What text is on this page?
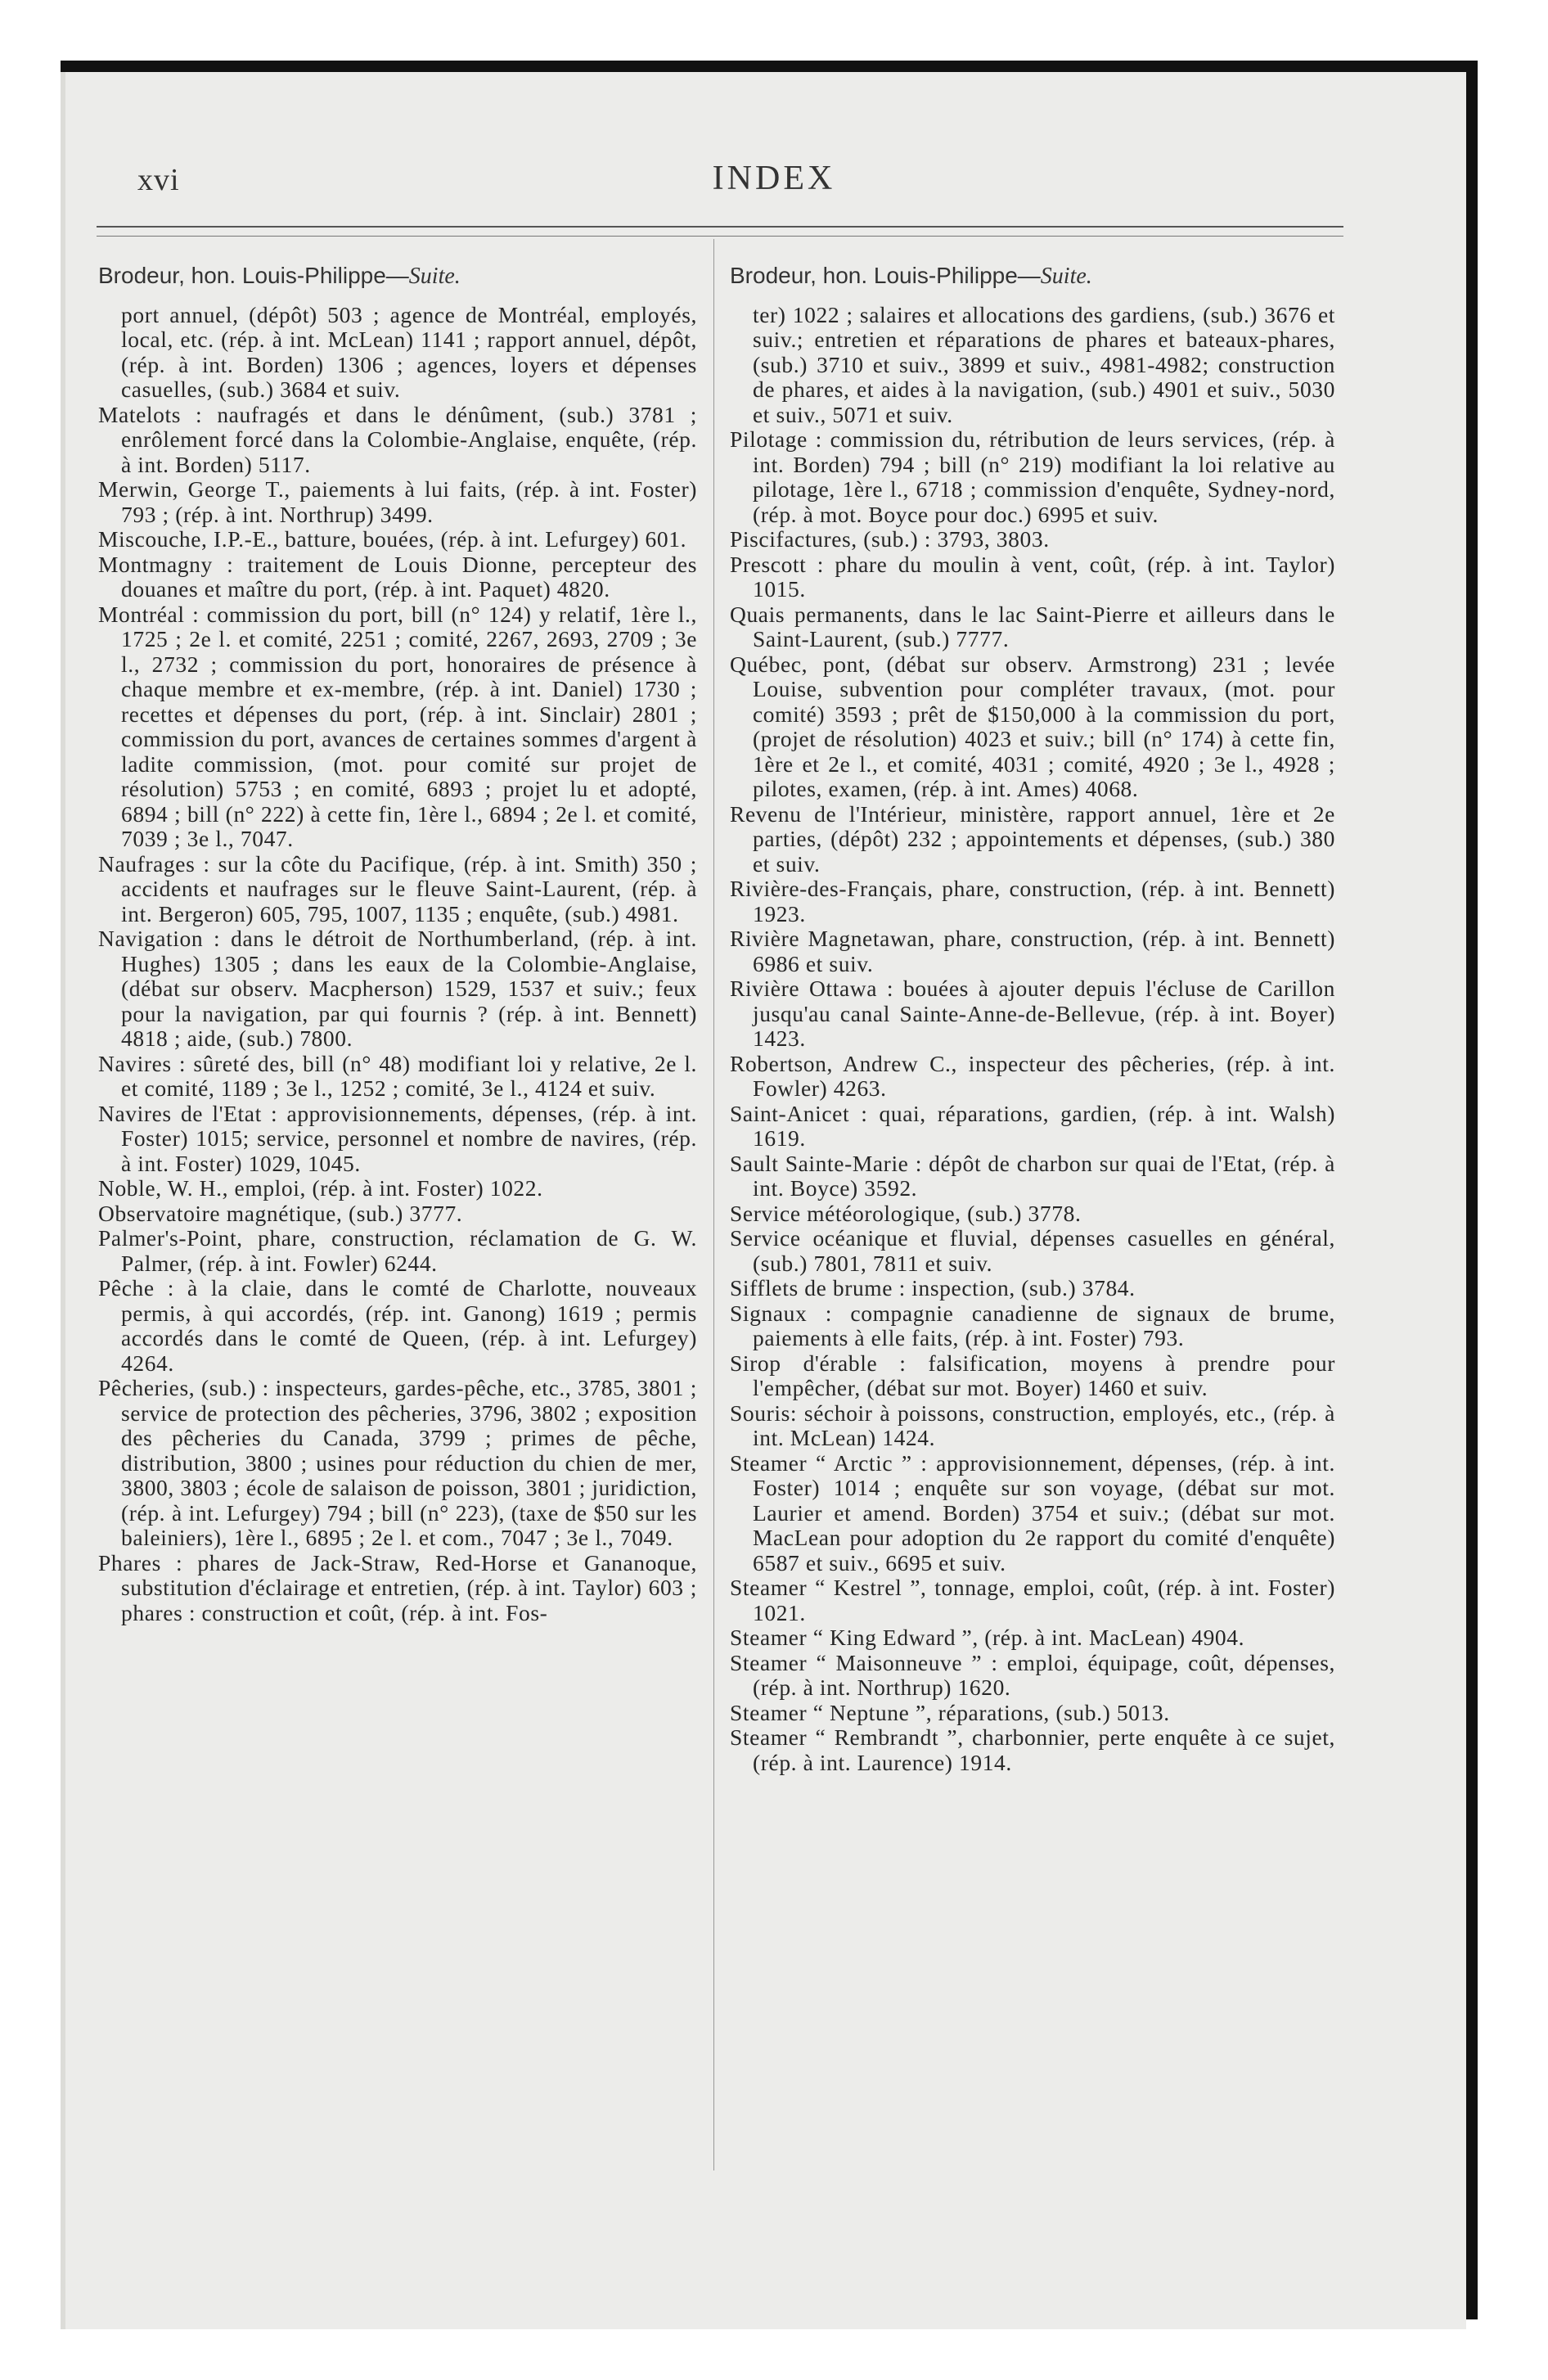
xvi	INDEX
Brodeur, hon. Louis-Philippe—Suite.

port annuel, (dépôt) 503 ; agence de Montréal, employés, local, etc. (rép. à int. McLean) 1141 ; rapport annuel, dépôt, (rép. à int. Borden) 1306 ; agences, loyers et dépenses casuelles, (sub.) 3684 et suiv.

Matelots : naufragés et dans le dénûment, (sub.) 3781 ; enrôlement forcé dans la Colombie-Anglaise, enquête, (rép. à int. Borden) 5117.

Merwin, George T., paiements à lui faits, (rép. à int. Foster) 793 ; (rép. à int. Northrup) 3499.

Miscouche, I.P.-E., batture, bouées, (rép. à int. Lefurgey) 601.

Montmagny : traitement de Louis Dionne, percepteur des douanes et maître du port, (rép. à int. Paquet) 4820.

Montréal : commission du port, bill (n° 124) y relatif, 1ère l., 1725 ; 2e l. et comité, 2251 ; comité, 2267, 2693, 2709 ; 3e l., 2732 ; commission du port, honoraires de présence à chaque membre et ex-membre, (rép. à int. Daniel) 1730 ; recettes et dépenses du port, (rép. à int. Sinclair) 2801 ; commission du port, avances de certaines sommes d'argent à ladite commission, (mot. pour comité sur projet de résolution) 5753 ; en comité, 6893 ; projet lu et adopté, 6894 ; bill (n° 222) à cette fin, 1ère l., 6894 ; 2e l. et comité, 7039 ; 3e l., 7047.

Naufrages : sur la côte du Pacifique, (rép. à int. Smith) 350 ; accidents et naufrages sur le fleuve Saint-Laurent, (rép. à int. Bergeron) 605, 795, 1007, 1135 ; enquête, (sub.) 4981.

Navigation : dans le détroit de Northumberland, (rép. à int. Hughes) 1305 ; dans les eaux de la Colombie-Anglaise, (débat sur observ. Macpherson) 1529, 1537 et suiv.; feux pour la navigation, par qui fournis ? (rép. à int. Bennett) 4818 ; aide, (sub.) 7800.

Navires : sûreté des, bill (n° 48) modifiant loi y relative, 2e l. et comité, 1189 ; 3e l., 1252 ; comité, 3e l., 4124 et suiv.

Navires de l'Etat : approvisionnements, dépenses, (rép. à int. Foster) 1015; service, personnel et nombre de navires, (rép. à int. Foster) 1029, 1045.

Noble, W. H., emploi, (rép. à int. Foster) 1022.

Observatoire magnétique, (sub.) 3777.

Palmer's-Point, phare, construction, réclamation de G. W. Palmer, (rép. à int. Fowler) 6244.

Pêche : à la claie, dans le comté de Charlotte, nouveaux permis, à qui accordés, (rép. int. Ganong) 1619 ; permis accordés dans le comté de Queen, (rép. à int. Lefurgey) 4264.

Pêcheries, (sub.) : inspecteurs, gardes-pêche, etc., 3785, 3801 ; service de protection des pêcheries, 3796, 3802 ; exposition des pêcheries du Canada, 3799 ; primes de pêche, distribution, 3800 ; usines pour réduction du chien de mer, 3800, 3803 ; école de salaison de poisson, 3801 ; juridiction, (rép. à int. Lefurgey) 794 ; bill (n° 223), (taxe de $50 sur les baleiniers), 1ère l., 6895 ; 2e l. et com., 7047 ; 3e l., 7049.

Phares : phares de Jack-Straw, Red-Horse et Gananoque, substitution d'éclairage et entretien, (rép. à int. Taylor) 603 ; phares : construction et coût, (rép. à int. Fos-

Brodeur, hon. Louis-Philippe—Suite.

ter) 1022 ; salaires et allocations des gardiens, (sub.) 3676 et suiv.; entretien et réparations de phares et bateaux-phares, (sub.) 3710 et suiv., 3899 et suiv., 4981-4982; construction de phares, et aides à la navigation, (sub.) 4901 et suiv., 5030 et suiv., 5071 et suiv.

Pilotage : commission du, rétribution de leurs services, (rép. à int. Borden) 794 ; bill (n° 219) modifiant la loi relative au pilotage, 1ère l., 6718 ; commission d'enquête, Sydney-nord, (rép. à mot. Boyce pour doc.) 6995 et suiv.

Piscifactures, (sub.) : 3793, 3803.

Prescott : phare du moulin à vent, coût, (rép. à int. Taylor) 1015.

Quais permanents, dans le lac Saint-Pierre et ailleurs dans le Saint-Laurent, (sub.) 7777.

Québec, pont, (débat sur observ. Armstrong) 231 ; levée Louise, subvention pour compléter travaux, (mot. pour comité) 3593 ; prêt de $150,000 à la commission du port, (projet de résolution) 4023 et suiv.; bill (n° 174) à cette fin, 1ère et 2e l., et comité, 4031 ; comité, 4920 ; 3e l., 4928 ; pilotes, examen, (rép. à int. Ames) 4068.

Revenu de l'Intérieur, ministère, rapport annuel, 1ère et 2e parties, (dépôt) 232 ; appointements et dépenses, (sub.) 380 et suiv.

Rivière-des-Français, phare, construction, (rép. à int. Bennett) 1923.

Rivière Magnetawan, phare, construction, (rép. à int. Bennett) 6986 et suiv.

Rivière Ottawa : bouées à ajouter depuis l'écluse de Carillon jusqu'au canal Sainte-Anne-de-Bellevue, (rép. à int. Boyer) 1423.

Robertson, Andrew C., inspecteur des pêcheries, (rép. à int. Fowler) 4263.

Saint-Anicet : quai, réparations, gardien, (rép. à int. Walsh) 1619.

Sault Sainte-Marie : dépôt de charbon sur quai de l'Etat, (rép. à int. Boyce) 3592.

Service météorologique, (sub.) 3778.

Service océanique et fluvial, dépenses casuelles en général, (sub.) 7801, 7811 et suiv.

Sifflets de brume : inspection, (sub.) 3784.

Signaux : compagnie canadienne de signaux de brume, paiements à elle faits, (rép. à int. Foster) 793.

Sirop d'érable : falsification, moyens à prendre pour l'empêcher, (débat sur mot. Boyer) 1460 et suiv.

Souris: séchoir à poissons, construction, employés, etc., (rép. à int. McLean) 1424.

Steamer “ Arctic ” : approvisionnement, dépenses, (rép. à int. Foster) 1014 ; enquête sur son voyage, (débat sur mot. Laurier et amend. Borden) 3754 et suiv.; (débat sur mot. MacLean pour adoption du 2e rapport du comité d'enquête) 6587 et suiv., 6695 et suiv.

Steamer “ Kestrel ”, tonnage, emploi, coût, (rép. à int. Foster) 1021.

Steamer “ King Edward ”, (rép. à int. MacLean) 4904.

Steamer “ Maisonneuve ” : emploi, équipage, coût, dépenses, (rép. à int. Northrup) 1620.

Steamer “ Neptune ”, réparations, (sub.) 5013.

Steamer “ Rembrandt ”, charbonnier, perte enquête à ce sujet, (rép. à int. Laurence) 1914.
